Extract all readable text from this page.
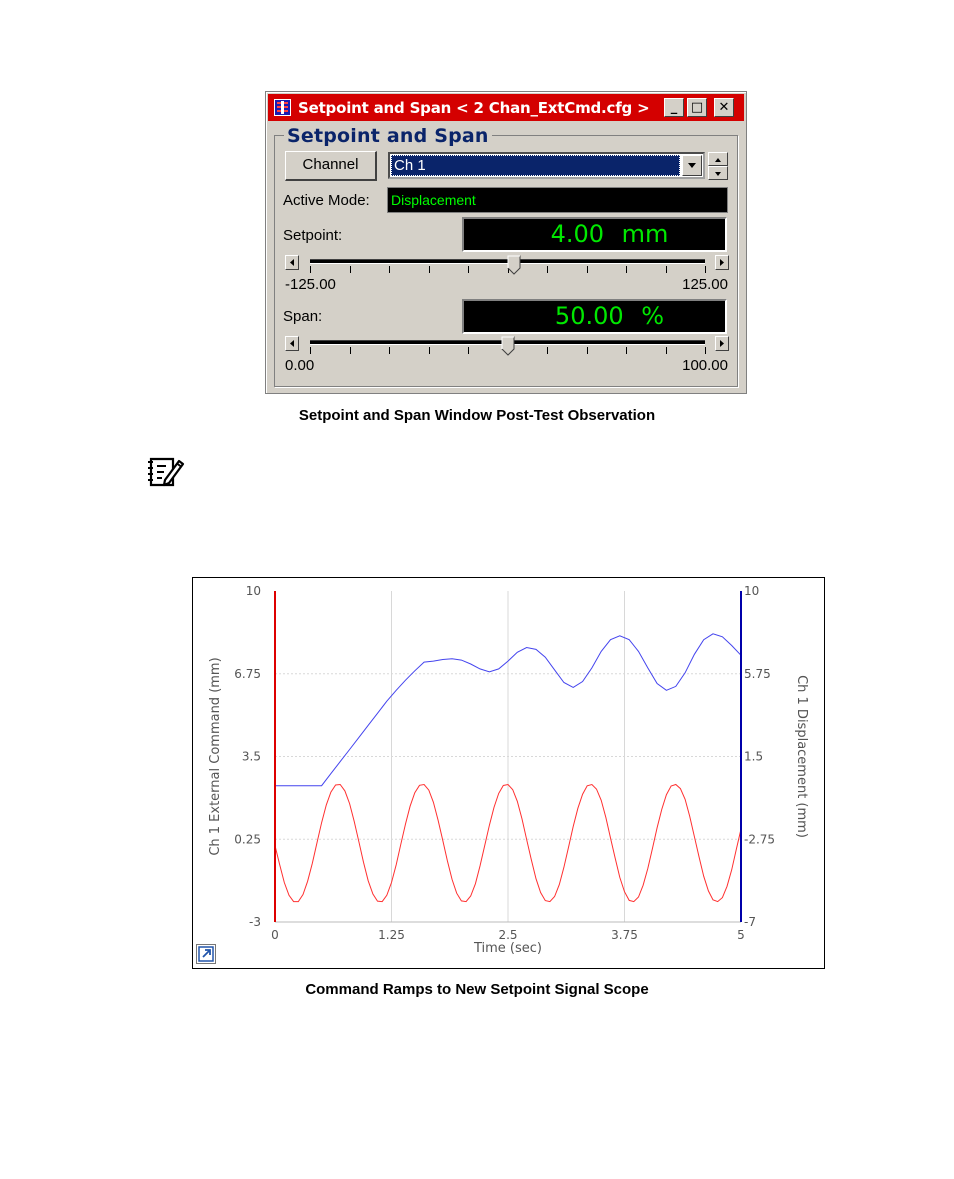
Setpoint and Span < 2 Chan_ExtCmd.cfg >	_	□	✕
Setpoint and Span
Channel	Ch 1
Active Mode: Displacement
Setpoint:	4.00 mm
-125.00	125.00
Span:	50.00 %
0.00	100.00
Setpoint and Span Window Post-Test Observation
10
6.75
3.5
0.25
-3
10
5.75
1.5
-2.75
-7
0	1.25	2.5	3.75	5
Time (sec)
Ch 1 External Command (mm)	Ch 1 Displacement (mm)
Command Ramps to New Setpoint Signal Scope
